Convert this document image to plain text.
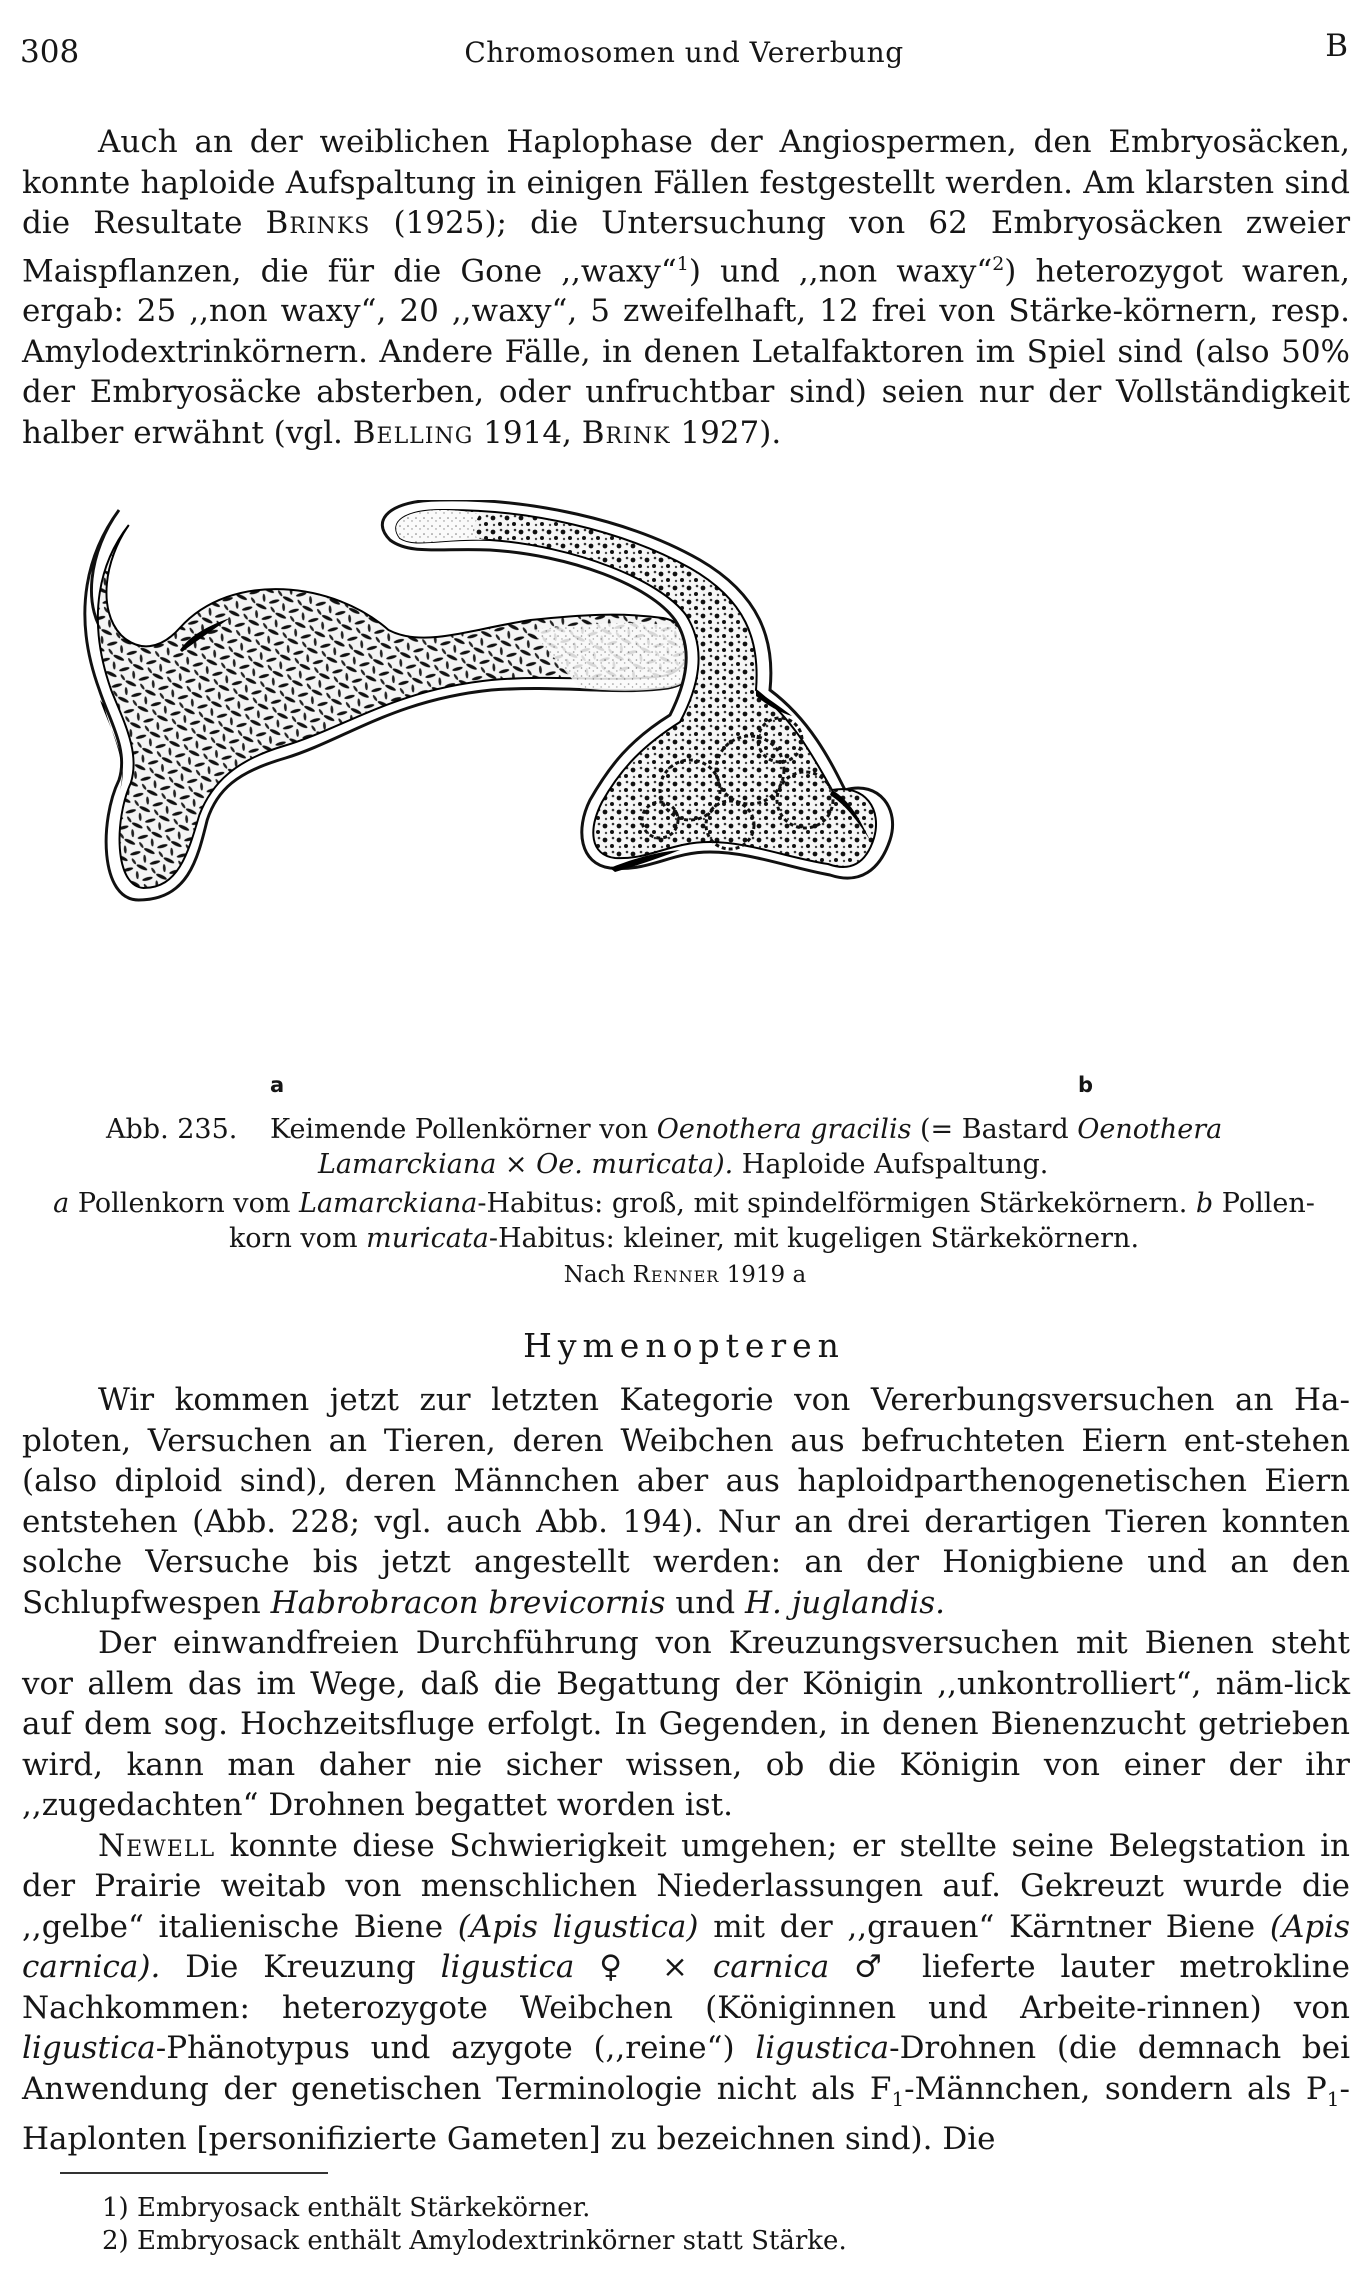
308	Chromosomen und Vererbung	B

Auch an der weiblichen Haplophase der Angiospermen, den Embryosäcken, konnte haploide Aufspaltung in einigen Fällen festgestellt werden. Am klarsten sind die Resultate Brinks (1925); die Untersuchung von 62 Embryosäcken zweier Maispflanzen, die für die Gone ,,waxy“$^1$) und ,,non waxy“$^2$) heterozygot waren, ergab: 25 ,,non waxy“, 20 ,,waxy“, 5 zweifelhaft, 12 frei von Stärke-körnern, resp. Amylodextrinkörnern. Andere Fälle, in denen Letalfaktoren im Spiel sind (also 50% der Embryosäcke absterben, oder unfruchtbar sind) seien nur der Vollständigkeit halber erwähnt (vgl. Belling 1914, Brink 1927).

a	b
Abb. 235. Keimende Pollenkörner von Oenothera gracilis (= Bastard Oenothera
Lamarckiana × Oe. muricata). Haploide Aufspaltung.
a Pollenkorn vom Lamarckiana-Habitus: groß, mit spindelförmigen Stärkekörnern. b Pollen-korn vom muricata-Habitus: kleiner, mit kugeligen Stärkekörnern.
Nach Renner 1919 a
Hymenopteren

Wir kommen jetzt zur letzten Kategorie von Vererbungsversuchen an Ha-ploten, Versuchen an Tieren, deren Weibchen aus befruchteten Eiern ent-stehen (also diploid sind), deren Männchen aber aus haploidparthenogenetischen Eiern entstehen (Abb. 228; vgl. auch Abb. 194). Nur an drei derartigen Tieren konnten solche Versuche bis jetzt angestellt werden: an der Honigbiene und an den Schlupfwespen Habrobracon brevicornis und H. juglandis.

Der einwandfreien Durchführung von Kreuzungsversuchen mit Bienen steht vor allem das im Wege, daß die Begattung der Königin ,,unkontrolliert“, näm-lick auf dem sog. Hochzeitsfluge erfolgt. In Gegenden, in denen Bienenzucht getrieben wird, kann man daher nie sicher wissen, ob die Königin von einer der ihr ,,zugedachten“ Drohnen begattet worden ist.

Newell konnte diese Schwierigkeit umgehen; er stellte seine Belegstation in der Prairie weitab von menschlichen Niederlassungen auf. Gekreuzt wurde die ,,gelbe“ italienische Biene (Apis ligustica) mit der ,,grauen“ Kärntner Biene (Apis carnica). Die Kreuzung ligustica ♀ × carnica ♂ lieferte lauter metrokline Nachkommen: heterozygote Weibchen (Königinnen und Arbeite-rinnen) von ligustica-Phänotypus und azygote (,,reine“) ligustica-Drohnen (die demnach bei Anwendung der genetischen Terminologie nicht als $F_1$-Männchen, sondern als $P_1$-Haplonten [personifizierte Gameten] zu bezeichnen sind). Die

1) Embryosack enthält Stärkekörner.
2) Embryosack enthält Amylodextrinkörner statt Stärke.
